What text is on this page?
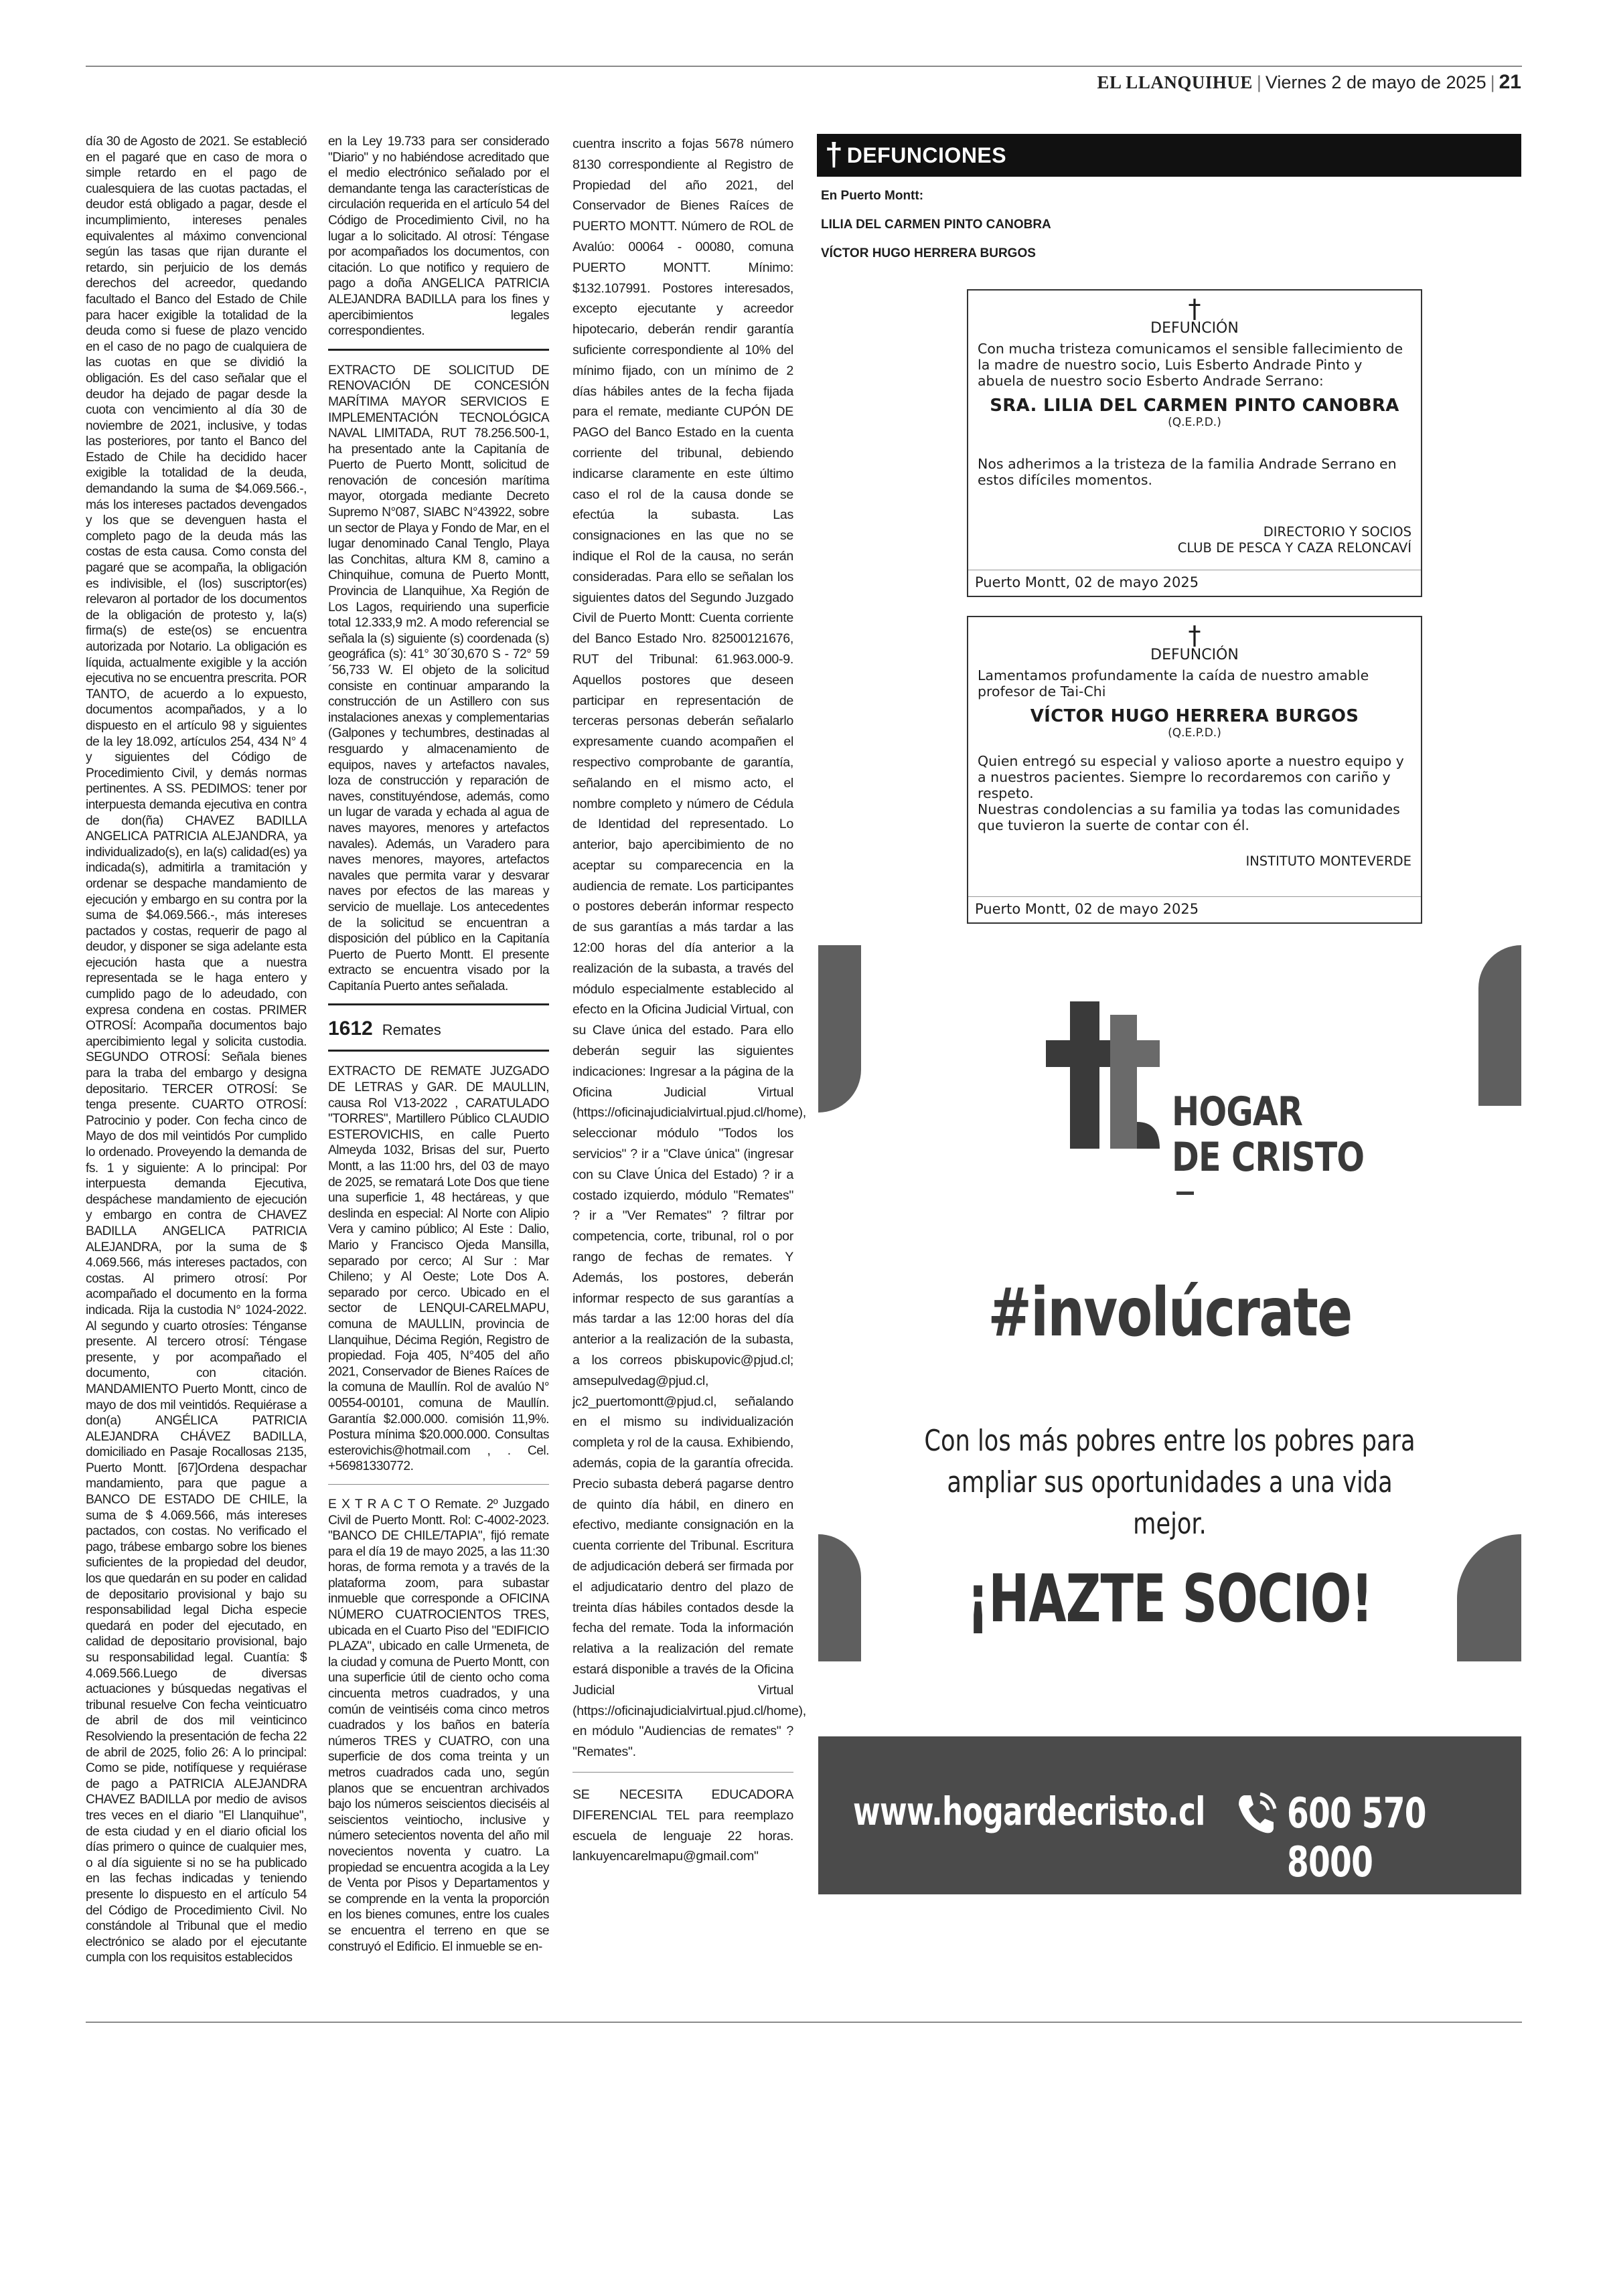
EL LLANQUIHUE | Viernes 2 de mayo de 2025 | 21

día 30 de Agosto de 2021. Se estableció en el pagaré que en caso de mora o simple retardo en el pago de cualesquiera de las cuotas pactadas, el deudor está obligado a pagar, desde el incumplimiento, intereses penales equivalentes al máximo convencional según las tasas que rijan durante el retardo, sin perjuicio de los demás derechos del acreedor, quedando facultado el Banco del Estado de Chile para hacer exigible la totalidad de la deuda como si fuese de plazo vencido en el caso de no pago de cualquiera de las cuotas en que se dividió la obligación. Es del caso señalar que el deudor ha dejado de pagar desde la cuota con vencimiento al día 30 de noviembre de 2021, inclusive, y todas las posteriores, por tanto el Banco del Estado de Chile ha decidido hacer exigible la totalidad de la deuda, demandando la suma de $4.069.566.-, más los intereses pactados devengados y los que se devenguen hasta el completo pago de la deuda más las costas de esta causa. Como consta del pagaré que se acompaña, la obligación es indivisible, el (los) suscriptor(es) relevaron al portador de los documentos de la obligación de protesto y, la(s) firma(s) de este(os) se encuentra autorizada por Notario. La obligación es líquida, actualmente exigible y la acción ejecutiva no se encuentra prescrita. POR TANTO, de acuerdo a lo expuesto, documentos acompañados, y a lo dispuesto en el artículo 98 y siguientes de la ley 18.092, artículos 254, 434 N° 4 y siguientes del Código de Procedimiento Civil, y demás normas pertinentes. A SS. PEDIMOS: tener por interpuesta demanda ejecutiva en contra de don(ña) CHAVEZ BADILLA ANGELICA PATRICIA ALEJANDRA, ya individualizado(s), en la(s) calidad(es) ya indicada(s), admitirla a tramitación y ordenar se despache mandamiento de ejecución y embargo en su contra por la suma de $4.069.566.-, más intereses pactados y costas, requerir de pago al deudor, y disponer se siga adelante esta ejecución hasta que a nuestra representada se le haga entero y cumplido pago de lo adeudado, con expresa condena en costas. PRIMER OTROSÍ: Acompaña documentos bajo apercibimiento legal y solicita custodia. SEGUNDO OTROSÍ: Señala bienes para la traba del embargo y designa depositario. TERCER OTROSÍ: Se tenga presente. CUARTO OTROSÍ: Patrocinio y poder. Con fecha cinco de Mayo de dos mil veintidós Por cumplido lo ordenado. Proveyendo la demanda de fs. 1 y siguiente: A lo principal: Por interpuesta demanda Ejecutiva, despáchese mandamiento de ejecución y embargo en contra de CHAVEZ BADILLA ANGELICA PATRICIA ALEJANDRA, por la suma de $ 4.069.566, más intereses pactados, con costas. Al primero otrosí: Por acompañado el documento en la forma indicada. Rija la custodia N° 1024-2022. Al segundo y cuarto otrosíes: Ténganse presente. Al tercero otrosí: Téngase presente, y por acompañado el documento, con citación. MANDAMIENTO Puerto Montt, cinco de mayo de dos mil veintidós. Requiérase a don(a) ANGÉLICA PATRICIA ALEJANDRA CHÁVEZ BADILLA, domiciliado en Pasaje Rocallosas 2135, Puerto Montt. [67]Ordena despachar mandamiento, para que pague a BANCO DE ESTADO DE CHILE, la suma de $ 4.069.566, más intereses pactados, con costas. No verificado el pago, trábese embargo sobre los bienes suficientes de la propiedad del deudor, los que quedarán en su poder en calidad de depositario provisional y bajo su responsabilidad legal Dicha especie quedará en poder del ejecutado, en calidad de depositario provisional, bajo su responsabilidad legal. Cuantía: $ 4.069.566.Luego de diversas actuaciones y búsquedas negativas el tribunal resuelve Con fecha veinticuatro de abril de dos mil veinticinco Resolviendo la presentación de fecha 22 de abril de 2025, folio 26: A lo principal: Como se pide, notifíquese y requiérase de pago a PATRICIA ALEJANDRA CHAVEZ BADILLA por medio de avisos tres veces en el diario "El Llanquihue", de esta ciudad y en el diario oficial los días primero o quince de cualquier mes, o al día siguiente si no se ha publicado en las fechas indicadas y teniendo presente lo dispuesto en el artículo 54 del Código de Procedimiento Civil. No constándole al Tribunal que el medio electrónico se alado por el ejecutante cumpla con los requisitos establecidos

en la Ley 19.733 para ser considerado "Diario" y no habiéndose acreditado que el medio electrónico señalado por el demandante tenga las características de circulación requerida en el artículo 54 del Código de Procedimiento Civil, no ha lugar a lo solicitado. Al otrosí: Téngase por acompañados los documentos, con citación. Lo que notifico y requiero de pago a doña ANGELICA PATRICIA ALEJANDRA BADILLA para los fines y apercibimientos legales correspondientes.

EXTRACTO DE SOLICITUD DE RENOVACIÓN DE CONCESIÓN MARÍTIMA MAYOR SERVICIOS E IMPLEMENTACIÓN TECNOLÓGICA NAVAL LIMITADA, RUT 78.256.500-1, ha presentado ante la Capitanía de Puerto de Puerto Montt, solicitud de renovación de concesión marítima mayor, otorgada mediante Decreto Supremo N°087, SIABC N°43922, sobre un sector de Playa y Fondo de Mar, en el lugar denominado Canal Tenglo, Playa las Conchitas, altura KM 8, camino a Chinquihue, comuna de Puerto Montt, Provincia de Llanquihue, Xa Región de Los Lagos, requiriendo una superficie total 12.333,9 m2. A modo referencial se señala la (s) siguiente (s) coordenada (s) geográfica (s): 41° 30´30,670 S - 72° 59´56,733 W. El objeto de la solicitud consiste en continuar amparando la construcción de un Astillero con sus instalaciones anexas y complementarias (Galpones y techumbres, destinadas al resguardo y almacenamiento de equipos, naves y artefactos navales, loza de construcción y reparación de naves, constituyéndose, además, como un lugar de varada y echada al agua de naves mayores, menores y artefactos navales). Además, un Varadero para naves menores, mayores, artefactos navales que permita varar y desvarar naves por efectos de las mareas y servicio de muellaje. Los antecedentes de la solicitud se encuentran a disposición del público en la Capitanía Puerto de Puerto Montt. El presente extracto se encuentra visado por la Capitanía Puerto antes señalada.

1612 Remates

EXTRACTO DE REMATE JUZGADO DE LETRAS y GAR. DE MAULLIN, causa Rol V13-2022 , CARATULADO "TORRES", Martillero Público CLAUDIO ESTEROVICHIS, en calle Puerto Almeyda 1032, Brisas del sur, Puerto Montt, a las 11:00 hrs, del 03 de mayo de 2025, se rematará Lote Dos que tiene una superficie 1, 48 hectáreas, y que deslinda en especial: Al Norte con Alipio Vera y camino público; Al Este : Dalio, Mario y Francisco Ojeda Mansilla, separado por cerco; Al Sur : Mar Chileno; y Al Oeste; Lote Dos A. separado por cerco. Ubicado en el sector de LENQUI-CARELMAPU, comuna de MAULLIN, provincia de Llanquihue, Décima Región, Registro de propiedad. Foja 405, N°405 del año 2021, Conservador de Bienes Raíces de la comuna de Maullín. Rol de avalúo N° 00554-00101, comuna de Maullín. Garantía $2.000.000. comisión 11,9%. Postura mínima $20.000.000. Consultas esterovichis@hotmail.com , . Cel. +56981330772.

E X T R A C T O Remate. 2º Juzgado Civil de Puerto Montt. Rol: C-4002-2023. "BANCO DE CHILE/TAPIA", fijó remate para el día 19 de mayo 2025, a las 11:30 horas, de forma remota y a través de la plataforma zoom, para subastar inmueble que corresponde a OFICINA NÚMERO CUATROCIENTOS TRES, ubicada en el Cuarto Piso del "EDIFICIO PLAZA", ubicado en calle Urmeneta, de la ciudad y comuna de Puerto Montt, con una superficie útil de ciento ocho coma cincuenta metros cuadrados, y una común de veintiséis coma cinco metros cuadrados y los baños en batería números TRES y CUATRO, con una superficie de dos coma treinta y un metros cuadrados cada uno, según planos que se encuentran archivados bajo los números seiscientos dieciséis al seiscientos veintiocho, inclusive y número setecientos noventa del año mil novecientos noventa y cuatro. La propiedad se encuentra acogida a la Ley de Venta por Pisos y Departamentos y se comprende en la venta la proporción en los bienes comunes, entre los cuales se encuentra el terreno en que se construyó el Edificio. El inmueble se en-

cuentra inscrito a fojas 5678 número 8130 correspondiente al Registro de Propiedad del año 2021, del Conservador de Bienes Raíces de PUERTO MONTT. Número de ROL de Avalúo: 00064 - 00080, comuna PUERTO MONTT. Mínimo: $132.107991. Postores interesados, excepto ejecutante y acreedor hipotecario, deberán rendir garantía suficiente correspondiente al 10% del mínimo fijado, con un mínimo de 2 días hábiles antes de la fecha fijada para el remate, mediante CUPÓN DE PAGO del Banco Estado en la cuenta corriente del tribunal, debiendo indicarse claramente en este último caso el rol de la causa donde se efectúa la subasta. Las consignaciones en las que no se indique el Rol de la causa, no serán consideradas. Para ello se señalan los siguientes datos del Segundo Juzgado Civil de Puerto Montt: Cuenta corriente del Banco Estado Nro. 82500121676, RUT del Tribunal: 61.963.000-9. Aquellos postores que deseen participar en representación de terceras personas deberán señalarlo expresamente cuando acompañen el respectivo comprobante de garantía, señalando en el mismo acto, el nombre completo y número de Cédula de Identidad del representado. Lo anterior, bajo apercibimiento de no aceptar su comparecencia en la audiencia de remate. Los participantes o postores deberán informar respecto de sus garantías a más tardar a las 12:00 horas del día anterior a la realización de la subasta, a través del módulo especialmente establecido al efecto en la Oficina Judicial Virtual, con su Clave única del estado. Para ello deberán seguir las siguientes indicaciones: Ingresar a la página de la Oficina Judicial Virtual (https://oficinajudicialvirtual.pjud.cl/home), seleccionar módulo "Todos los servicios" ? ir a "Clave única" (ingresar con su Clave Única del Estado) ? ir a costado izquierdo, módulo "Remates" ? ir a "Ver Remates" ? filtrar por competencia, corte, tribunal, rol o por rango de fechas de remates. Y Además, los postores, deberán informar respecto de sus garantías a más tardar a las 12:00 horas del día anterior a la realización de la subasta, a los correos pbiskupovic@pjud.cl; amsepulvedag@pjud.cl, jc2_puertomontt@pjud.cl, señalando en el mismo su individualización completa y rol de la causa. Exhibiendo, además, copia de la garantía ofrecida. Precio subasta deberá pagarse dentro de quinto día hábil, en dinero en efectivo, mediante consignación en la cuenta corriente del Tribunal. Escritura de adjudicación deberá ser firmada por el adjudicatario dentro del plazo de treinta días hábiles contados desde la fecha del remate. Toda la información relativa a la realización del remate estará disponible a través de la Oficina Judicial Virtual (https://oficinajudicialvirtual.pjud.cl/home), en módulo "Audiencias de remates" ? "Remates".

SE NECESITA EDUCADORA DIFERENCIAL TEL para reemplazo escuela de lenguaje 22 horas. lankuyencarelmapu@gmail.com"

† DEFUNCIONES
En Puerto Montt:
LILIA DEL CARMEN PINTO CANOBRA
VÍCTOR HUGO HERRERA BURGOS
†
DEFUNCIÓN
Con mucha tristeza comunicamos el sensible fallecimiento de la madre de nuestro socio, Luis Esberto Andrade Pinto y abuela de nuestro socio Esberto Andrade Serrano:
SRA. LILIA DEL CARMEN PINTO CANOBRA
(Q.E.P.D.)
Nos adherimos a la tristeza de la familia Andrade Serrano en estos difíciles momentos.
DIRECTORIO Y SOCIOS
CLUB DE PESCA Y CAZA RELONCAVÍ
Puerto Montt, 02 de mayo 2025
†
DEFUNCIÓN
Lamentamos profundamente la caída de nuestro amable profesor de Tai-Chi
VÍCTOR HUGO HERRERA BURGOS
(Q.E.P.D.)
Quien entregó su especial y valioso aporte a nuestro equipo y a nuestros pacientes. Siempre lo recordaremos con cariño y respeto.
Nuestras condolencias a su familia ya todas las comunidades que tuvieron la suerte de contar con él.
INSTITUTO MONTEVERDE
Puerto Montt, 02 de mayo 2025
HOGAR
DE CRISTO
#involúcrate
Con los más pobres entre los pobres para ampliar sus oportunidades a una vida mejor.
¡HAZTE SOCIO!
www.hogardecristo.cl 600 570 8000
